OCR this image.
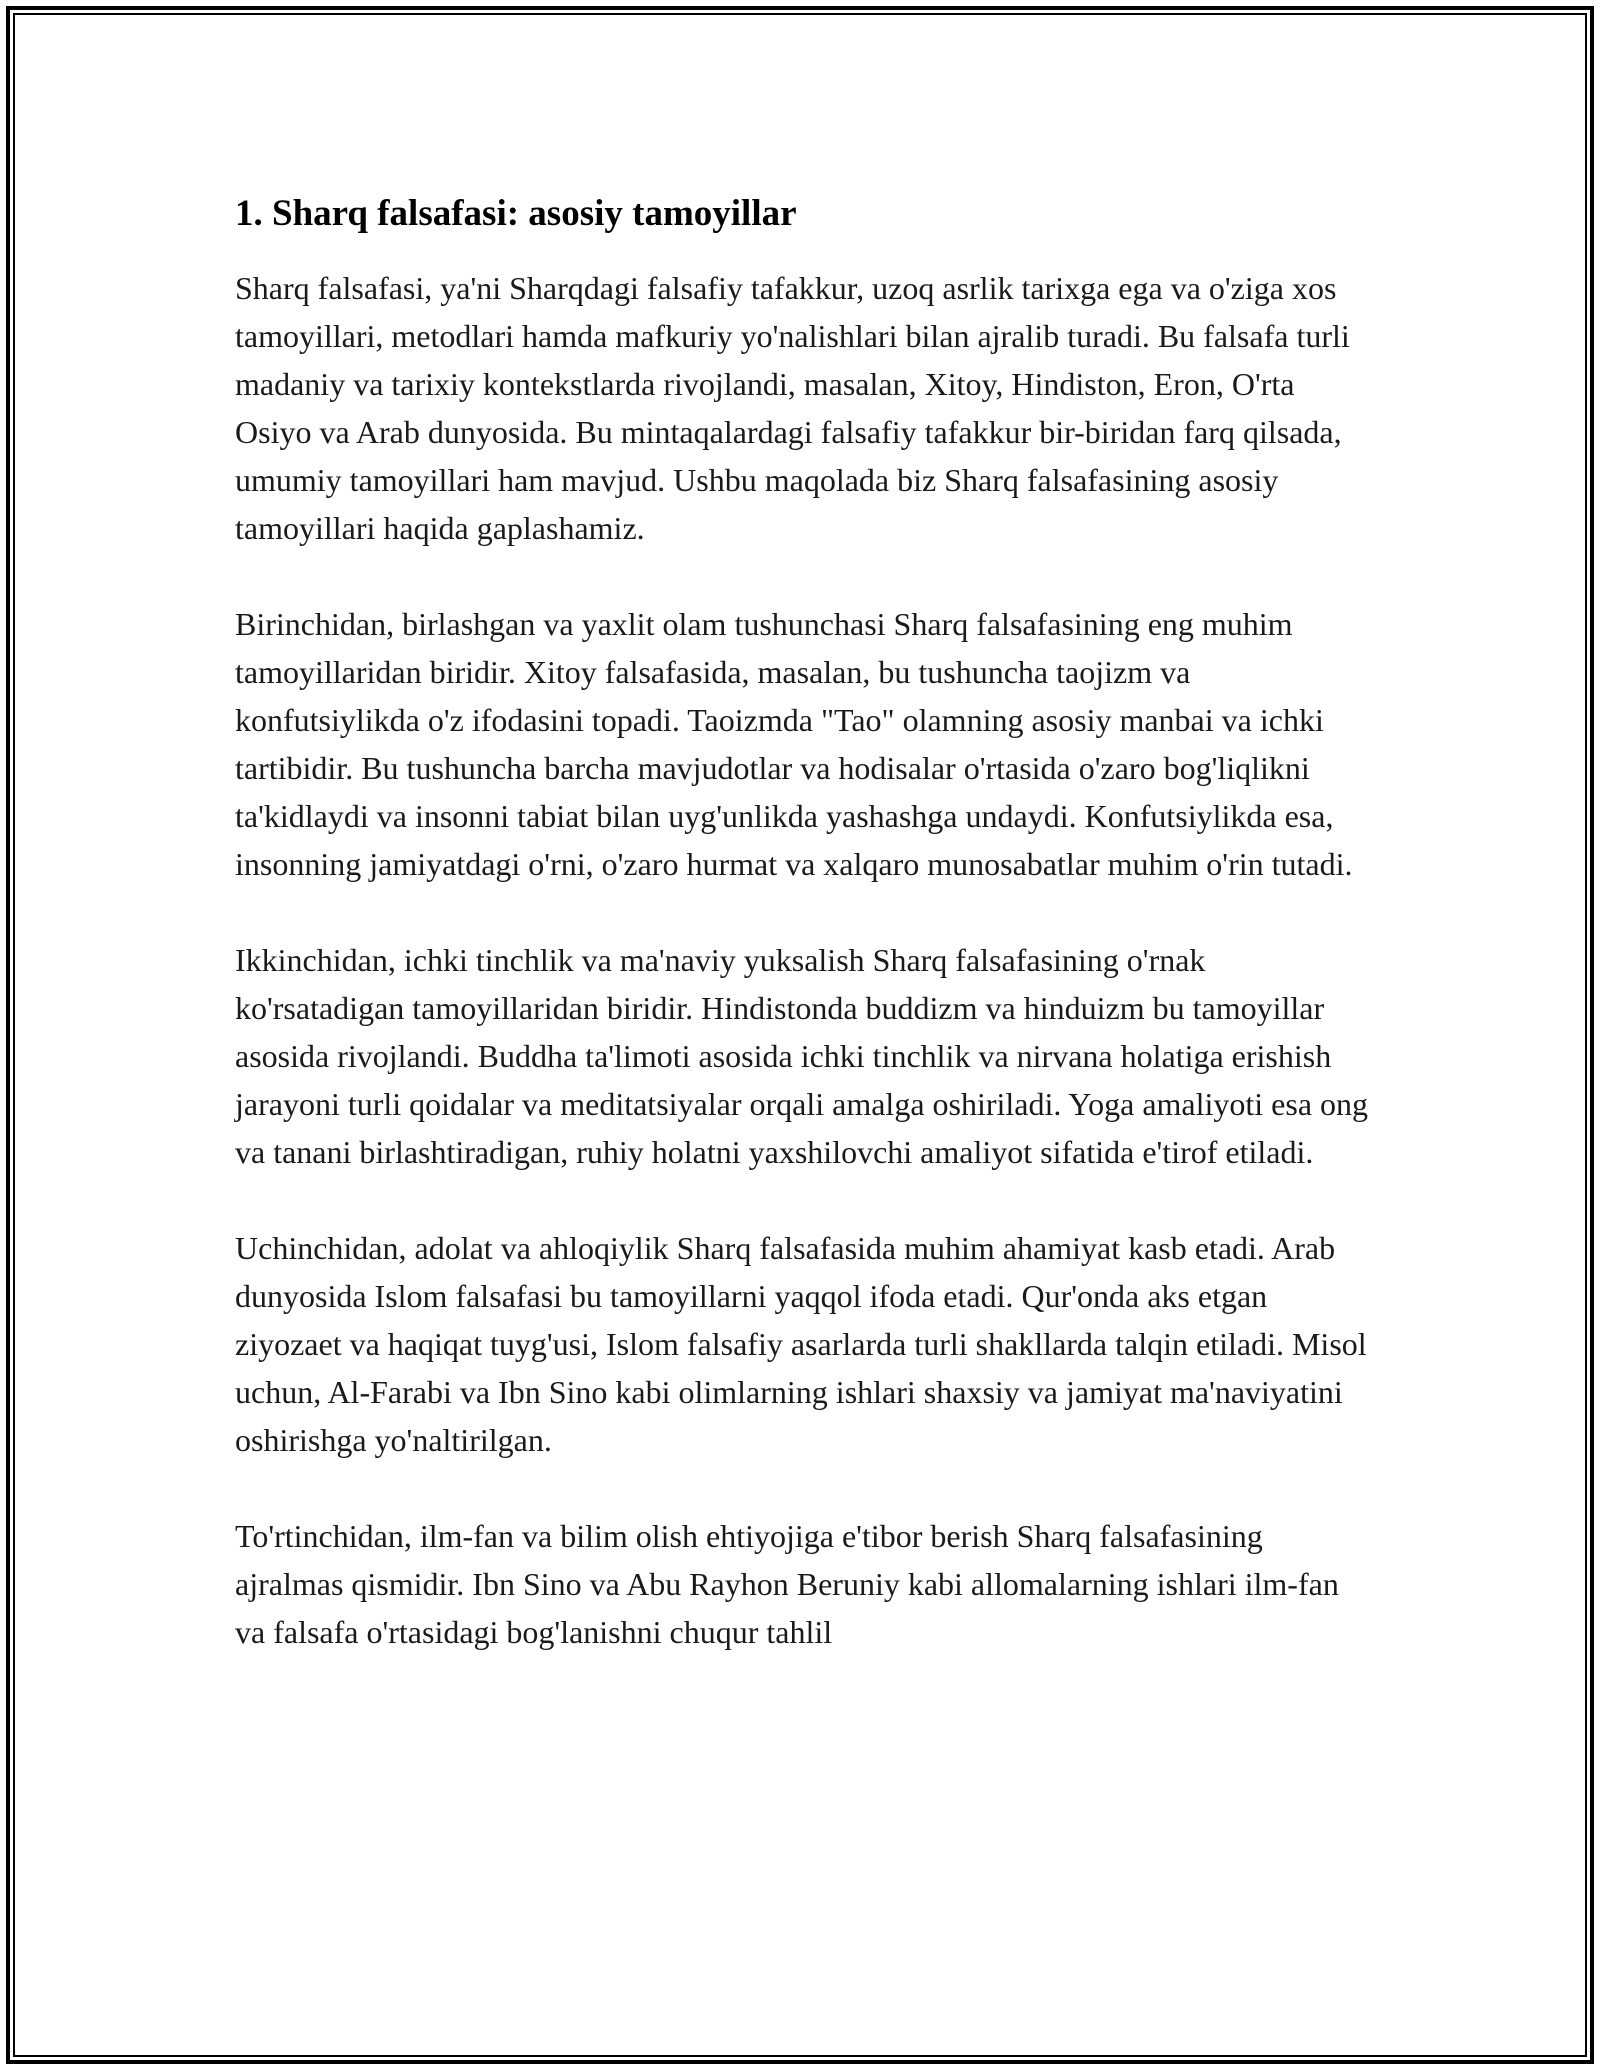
1. Sharq falsafasi: asosiy tamoyillar

Sharq falsafasi, ya'ni Sharqdagi falsafiy tafakkur, uzoq asrlik tarixga ega va o'ziga xos tamoyillari, metodlari hamda mafkuriy yo'nalishlari bilan ajralib turadi. Bu falsafa turli madaniy va tarixiy kontekstlarda rivojlandi, masalan, Xitoy, Hindiston, Eron, O'rta Osiyo va Arab dunyosida. Bu mintaqalardagi falsafiy tafakkur bir-biridan farq qilsada, umumiy tamoyillari ham mavjud. Ushbu maqolada biz Sharq falsafasining asosiy tamoyillari haqida gaplashamiz.

Birinchidan, birlashgan va yaxlit olam tushunchasi Sharq falsafasining eng muhim tamoyillaridan biridir. Xitoy falsafasida, masalan, bu tushuncha taojizm va konfutsiylikda o'z ifodasini topadi. Taoizmda "Tao" olamning asosiy manbai va ichki tartibidir. Bu tushuncha barcha mavjudotlar va hodisalar o'rtasida o'zaro bog'liqlikni ta'kidlaydi va insonni tabiat bilan uyg'unlikda yashashga undaydi. Konfutsiylikda esa, insonning jamiyatdagi o'rni, o'zaro hurmat va xalqaro munosabatlar muhim o'rin tutadi.

Ikkinchidan, ichki tinchlik va ma'naviy yuksalish Sharq falsafasining o'rnak ko'rsatadigan tamoyillaridan biridir. Hindistonda buddizm va hinduizm bu tamoyillar asosida rivojlandi. Buddha ta'limoti asosida ichki tinchlik va nirvana holatiga erishish jarayoni turli qoidalar va meditatsiyalar orqali amalga oshiriladi. Yoga amaliyoti esa ong va tanani birlashtiradigan, ruhiy holatni yaxshilovchi amaliyot sifatida e'tirof etiladi.

Uchinchidan, adolat va ahloqiylik Sharq falsafasida muhim ahamiyat kasb etadi. Arab dunyosida Islom falsafasi bu tamoyillarni yaqqol ifoda etadi. Qur'onda aks etgan ziyozaet va haqiqat tuyg'usi, Islom falsafiy asarlarda turli shakllarda talqin etiladi. Misol uchun, Al-Farabi va Ibn Sino kabi olimlarning ishlari shaxsiy va jamiyat ma'naviyatini oshirishga yo'naltirilgan.

To'rtinchidan, ilm-fan va bilim olish ehtiyojiga e'tibor berish Sharq falsafasining ajralmas qismidir. Ibn Sino va Abu Rayhon Beruniy kabi allomalarning ishlari ilm-fan va falsafa o'rtasidagi bog'lanishni chuqur tahlil
